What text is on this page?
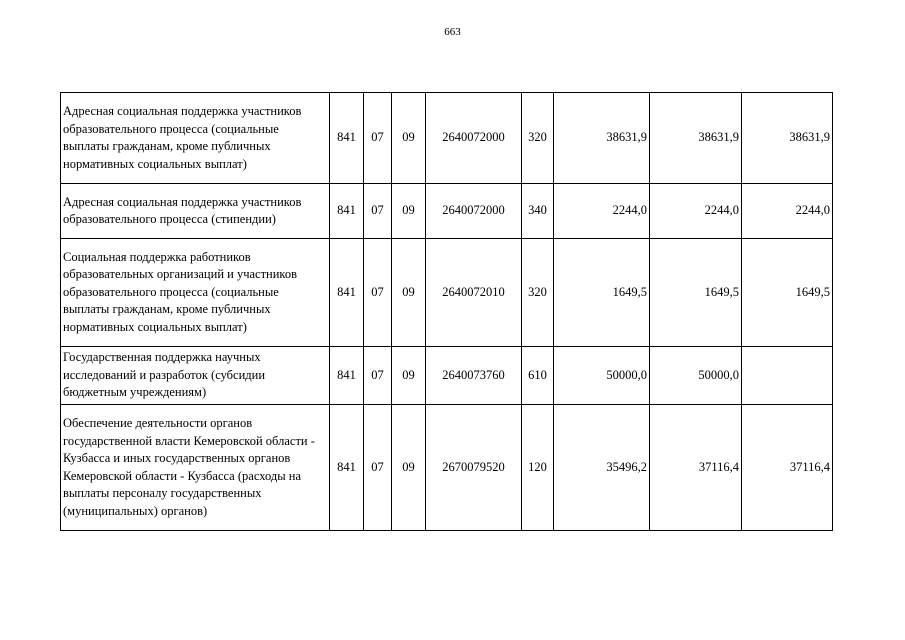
663
Адресная социальная поддержка участников образовательного процесса (социальные выплаты гражданам, кроме публичных нормативных социальных выплат)	841	07	09	2640072000	320	38631,9	38631,9	38631,9
Адресная социальная поддержка участников образовательного процесса (стипендии)	841	07	09	2640072000	340	2244,0	2244,0	2244,0
Социальная поддержка работников образовательных организаций и участников образовательного процесса (социальные выплаты гражданам, кроме публичных нормативных социальных выплат)	841	07	09	2640072010	320	1649,5	1649,5	1649,5
Государственная поддержка научных исследований и разработок (субсидии бюджетным учреждениям)	841	07	09	2640073760	610	50000,0	50000,0	
Обеспечение деятельности органов государственной власти Кемеровской области - Кузбасса и иных государственных органов Кемеровской области - Кузбасса (расходы на выплаты персоналу государственных (муниципальных) органов)	841	07	09	2670079520	120	35496,2	37116,4	37116,4
